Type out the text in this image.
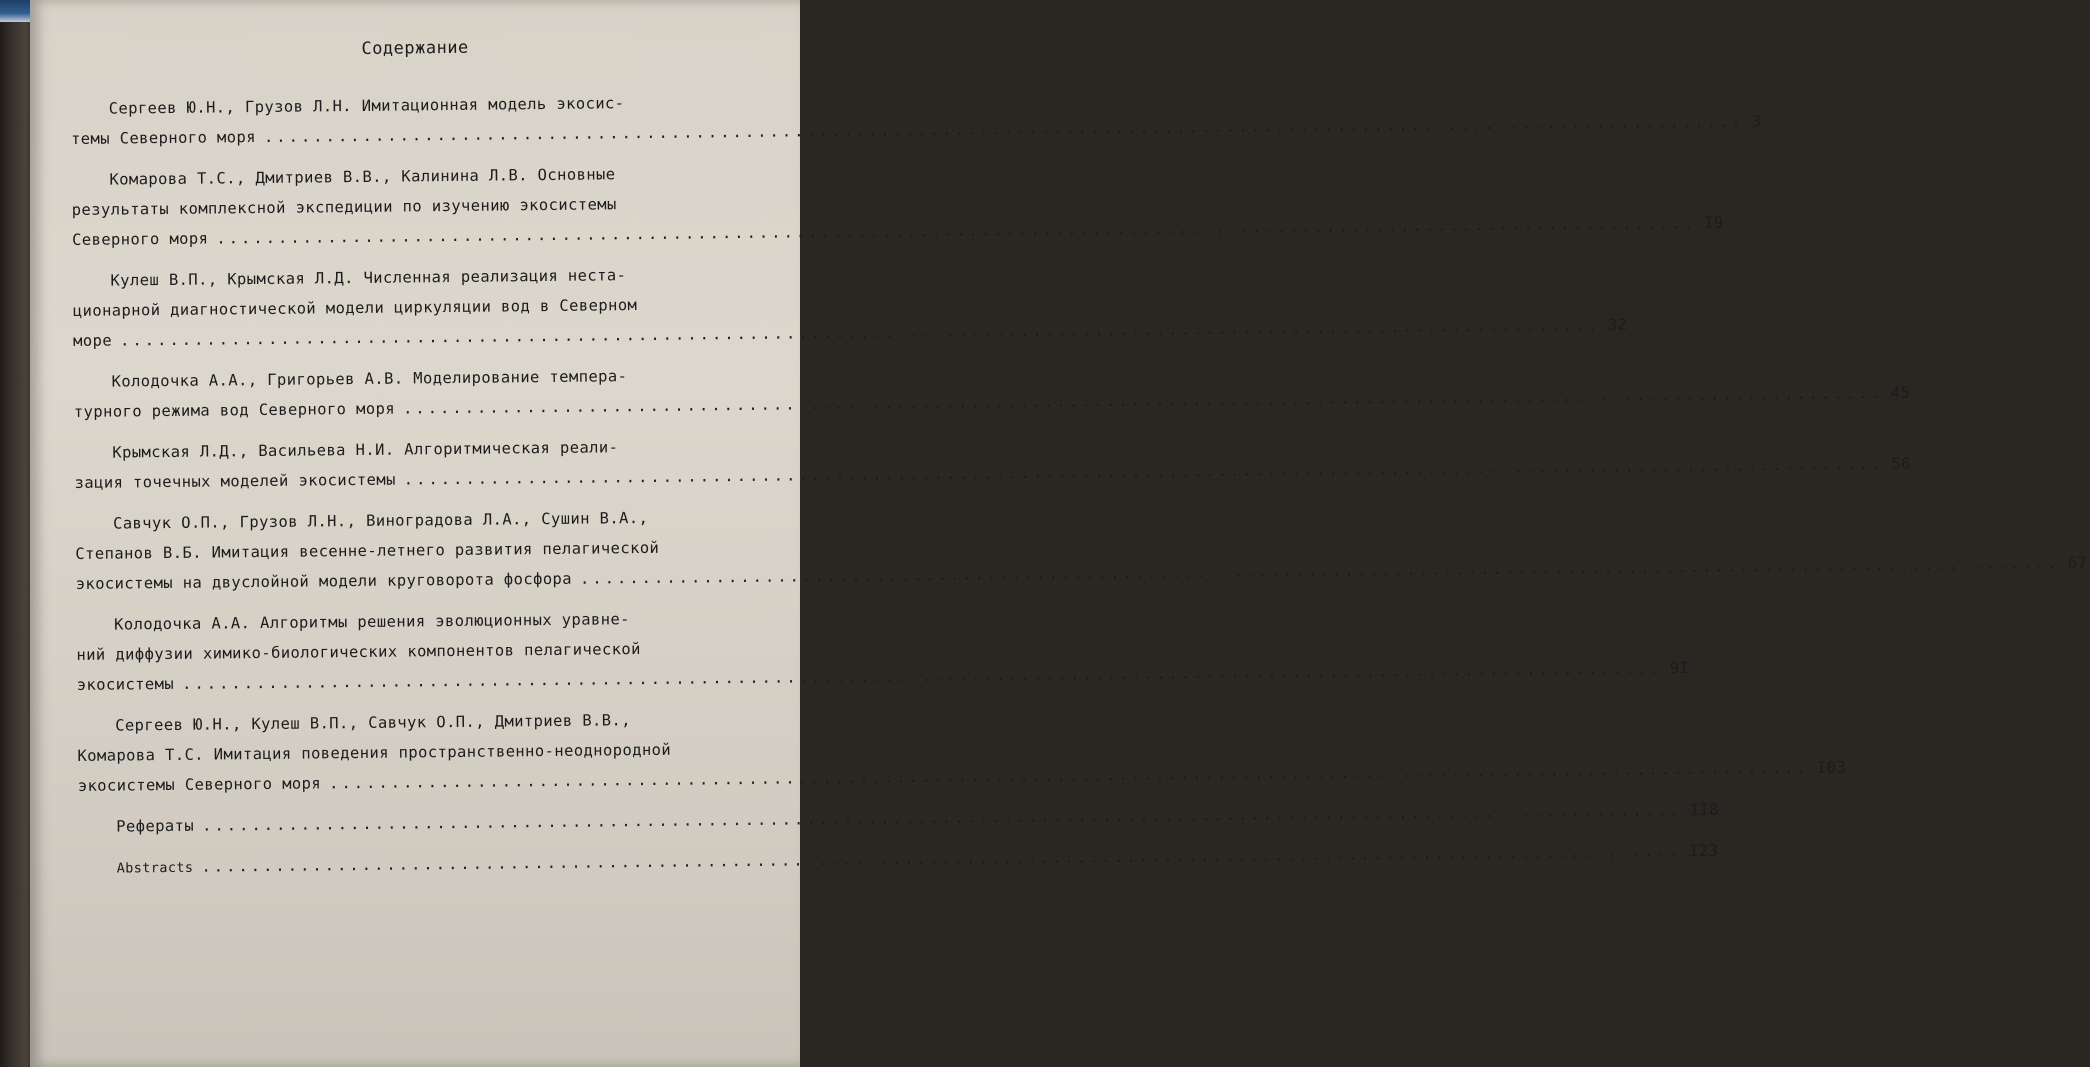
Содержание
Сергеев Ю.Н., Грузов Л.Н. Имитационная модель экосис-
темы Северного моря ........................................................................................................................ 3
Комарова Т.С., Дмитриев В.В., Калинина Л.В. Основные
результаты комплексной экспедиции по изучению экосистемы
Северного моря ........................................................................................................................ I9
Кулеш В.П., Крымская Л.Д. Численная реализация неста-
ционарной диагностической модели циркуляции вод в Северном
море ........................................................................................................................ 32
Колодочка А.А., Григорьев А.В. Моделирование темпера-
турного режима вод Северного моря ........................................................................................................................ 45
Крымская Л.Д., Васильева Н.И. Алгоритмическая реали-
зация точечных моделей экосистемы ........................................................................................................................ 56
Савчук О.П., Грузов Л.Н., Виноградова Л.А., Сушин В.А.,
Степанов В.Б. Имитация весенне-летнего развития пелагической
экосистемы на двуслойной модели круговорота фосфора ........................................................................................................................ 67
Колодочка А.А. Алгоритмы решения эволюционных уравне-
ний диффузии химико-биологических компонентов пелагической
экосистемы ........................................................................................................................ 9I
Сергеев Ю.Н., Кулеш В.П., Савчук О.П., Дмитриев В.В.,
Комарова Т.С. Имитация поведения пространственно-неоднородной
экосистемы Северного моря ........................................................................................................................ I03
Рефераты ........................................................................................................................ II8
Abstracts ........................................................................................................................ I23
